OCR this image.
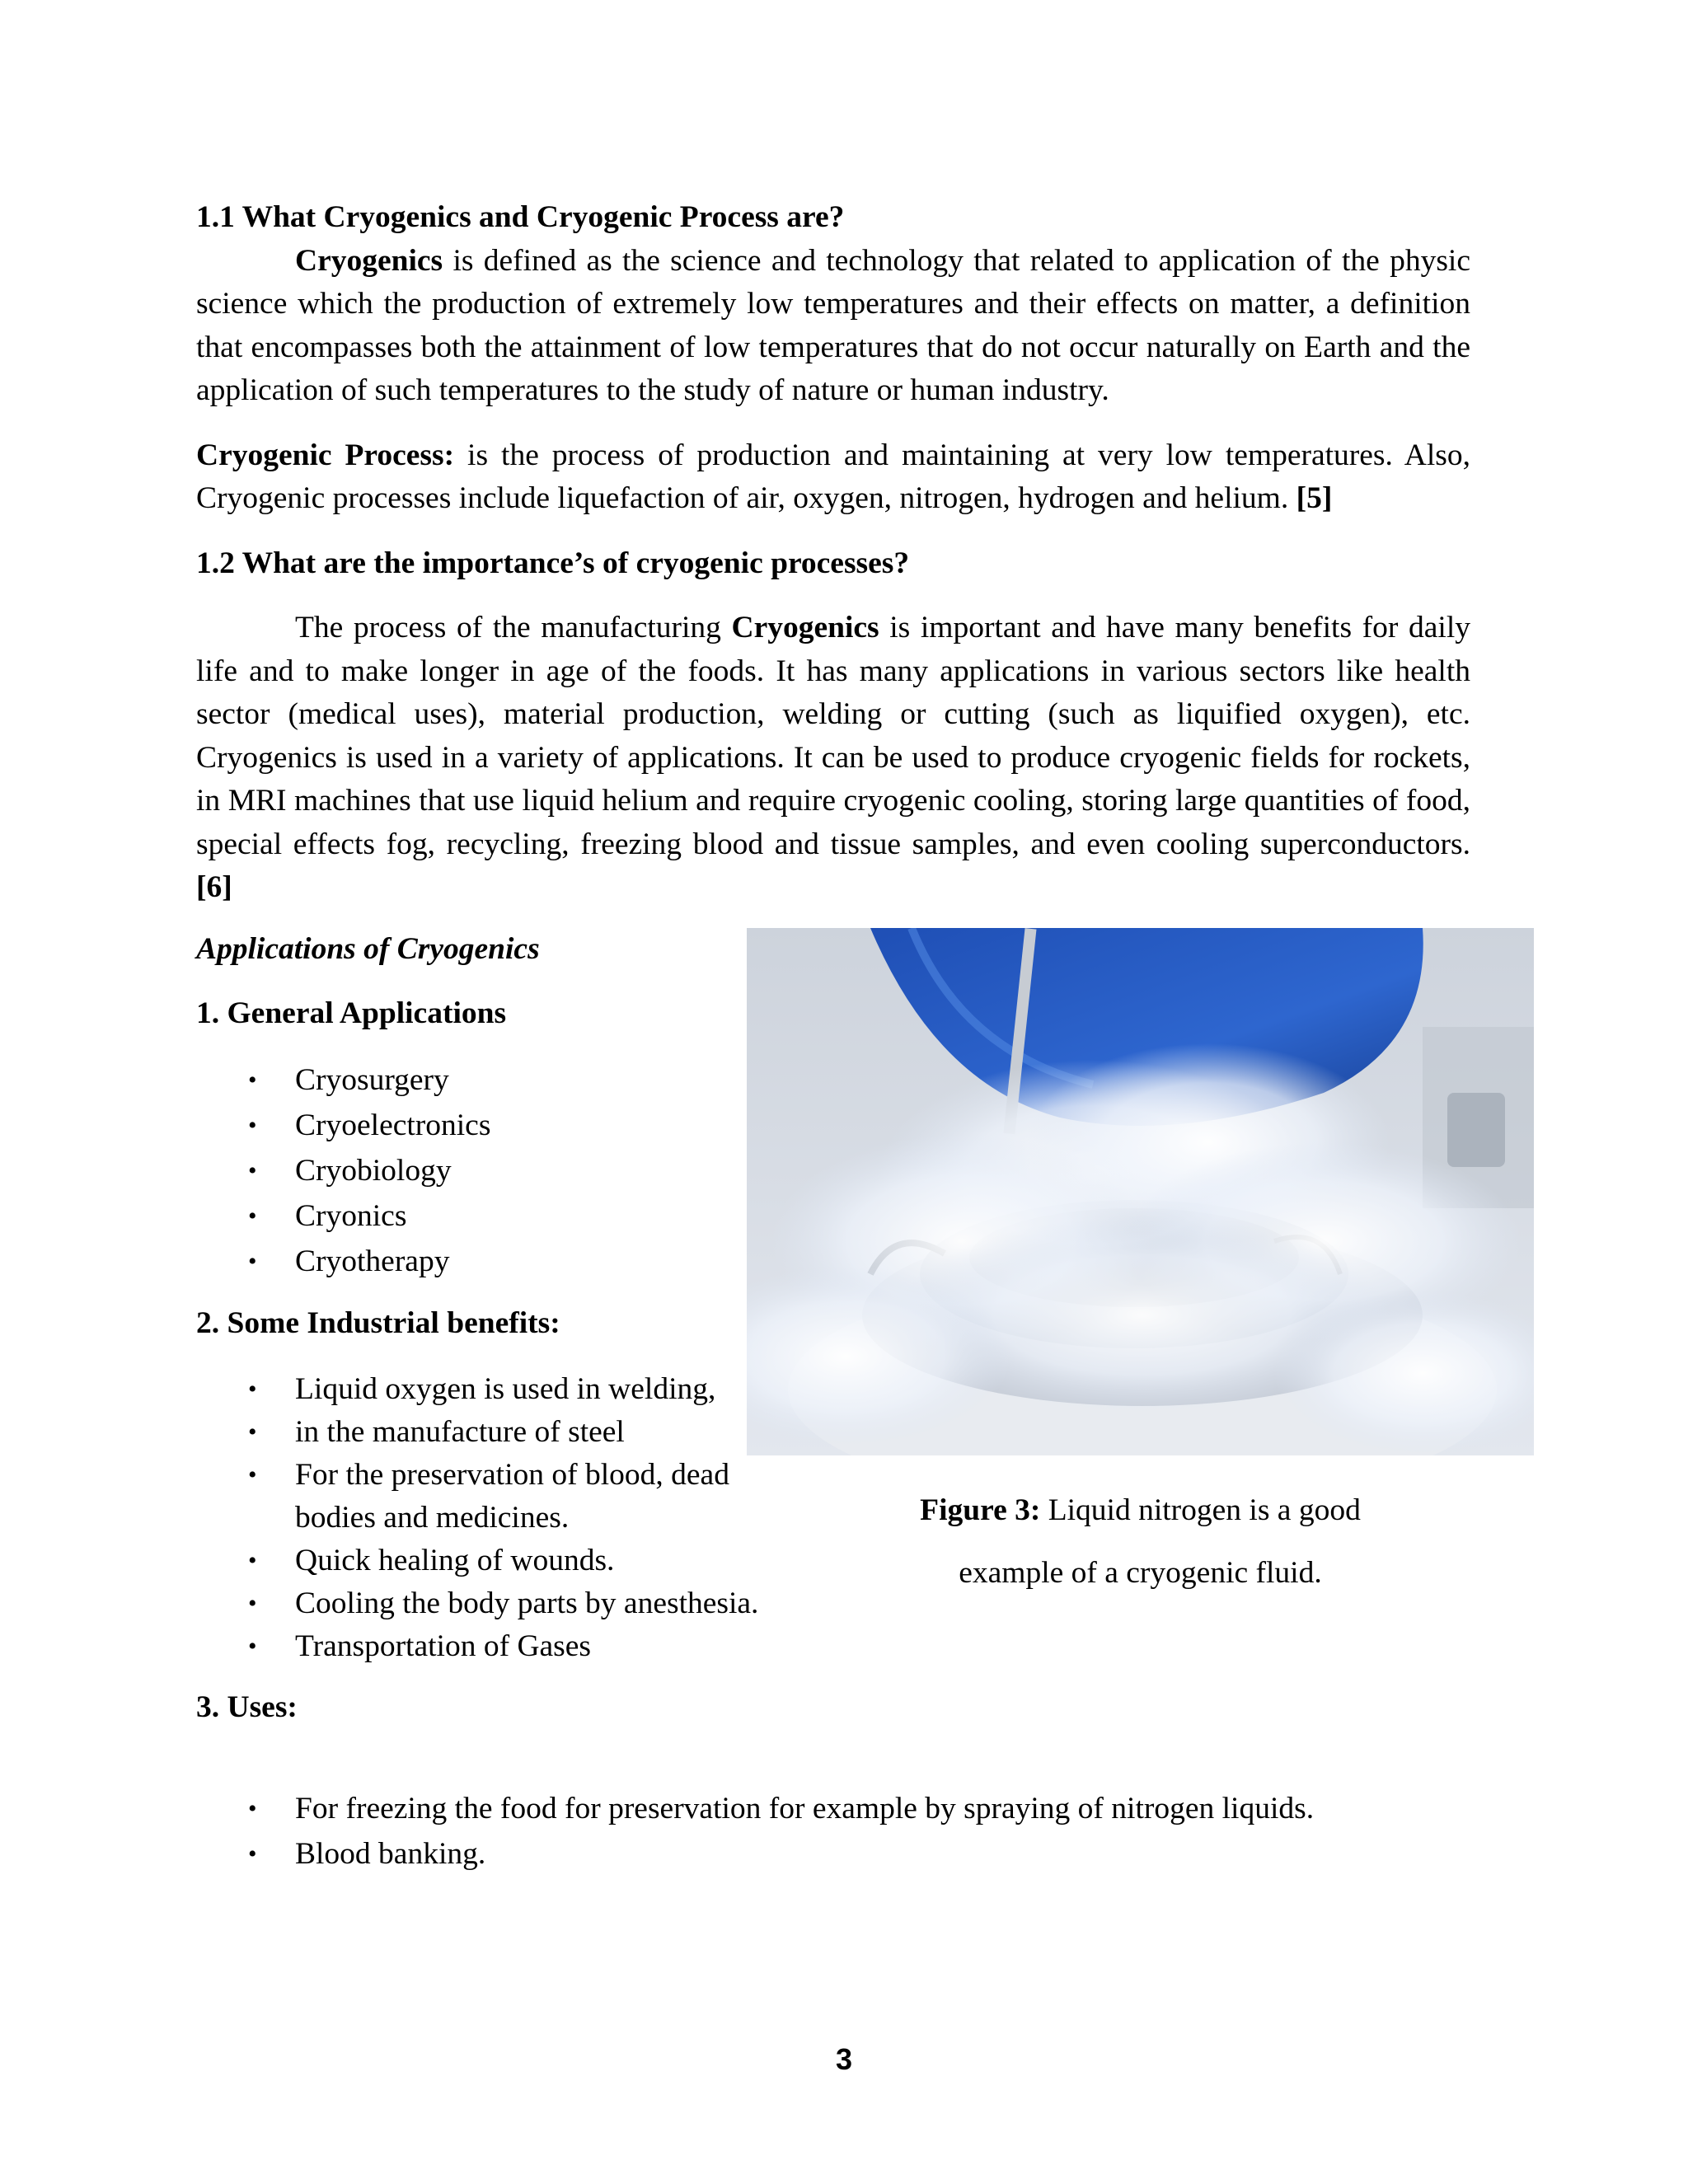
1.1 What Cryogenics and Cryogenic Process are?

Cryogenics is defined as the science and technology that related to application of the physic science which the production of extremely low temperatures and their effects on matter, a definition that encompasses both the attainment of low temperatures that do not occur naturally on Earth and the application of such temperatures to the study of nature or human industry.

Cryogenic Process: is the process of production and maintaining at very low temperatures. Also, Cryogenic processes include liquefaction of air, oxygen, nitrogen, hydrogen and helium. [5]

1.2 What are the importance’s of cryogenic processes?

The process of the manufacturing Cryogenics is important and have many benefits for daily life and to make longer in age of the foods. It has many applications in various sectors like health sector (medical uses), material production, welding or cutting (such as liquified oxygen), etc. Cryogenics is used in a variety of applications. It can be used to produce cryogenic fields for rockets, in MRI machines that use liquid helium and require cryogenic cooling, storing large quantities of food, special effects fog, recycling, freezing blood and tissue samples, and even cooling superconductors. [6]

Applications of Cryogenics
1. General Applications
• Cryosurgery
• Cryoelectronics
• Cryobiology
• Cryonics
• Cryotherapy
2. Some Industrial benefits:
• Liquid oxygen is used in welding,
• in the manufacture of steel
• For the preservation of blood, dead bodies and medicines.
• Quick healing of wounds.
• Cooling the body parts by anesthesia.
• Transportation of Gases
3. Uses:
Figure 3: Liquid nitrogen is a good
example of a cryogenic fluid.
• For freezing the food for preservation for example by spraying of nitrogen liquids.
• Blood banking.
3
